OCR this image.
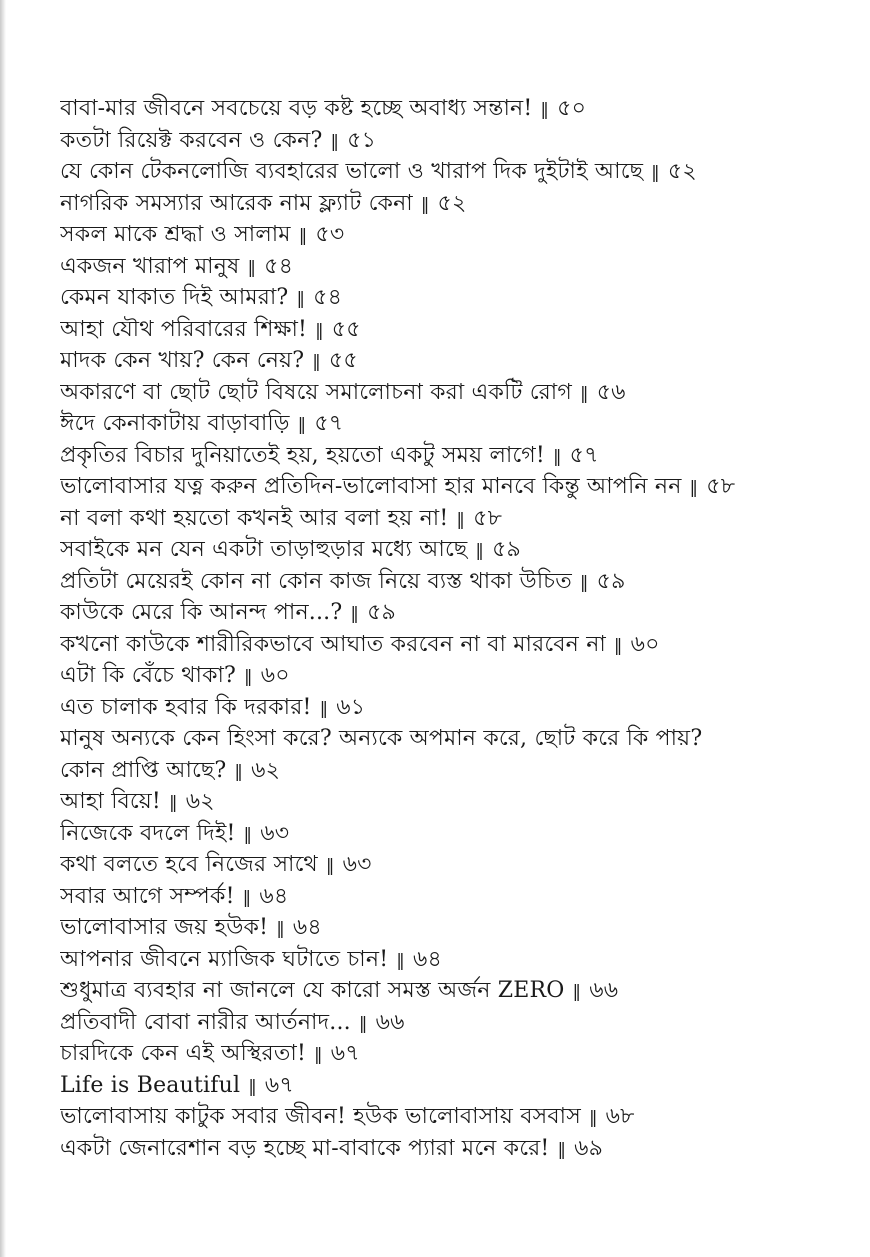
বাবা-মার জীবনে সবচেয়ে বড় কষ্ট হচ্ছে অবাধ্য সন্তান! ‖ ৫০
কতটা রিয়েক্ট করবেন ও কেন? ‖ ৫১
যে কোন টেকনলোজি ব্যবহারের ভালো ও খারাপ দিক দুইটাই আছে ‖ ৫২
নাগরিক সমস্যার আরেক নাম ফ্ল্যাট কেনা ‖ ৫২
সকল মাকে শ্রদ্ধা ও সালাম ‖ ৫৩
একজন খারাপ মানুষ ‖ ৫৪
কেমন যাকাত দিই আমরা? ‖ ৫৪
আহা যৌথ পরিবারের শিক্ষা! ‖ ৫৫
মাদক কেন খায়? কেন নেয়? ‖ ৫৫
অকারণে বা ছোট ছোট বিষয়ে সমালোচনা করা একটি রোগ ‖ ৫৬
ঈদে কেনাকাটায় বাড়াবাড়ি ‖ ৫৭
প্রকৃতির বিচার দুনিয়াতেই হয়, হয়তো একটু সময় লাগে! ‖ ৫৭
ভালোবাসার যত্ন করুন প্রতিদিন-ভালোবাসা হার মানবে কিন্তু আপনি নন ‖ ৫৮
না বলা কথা হয়তো কখনই আর বলা হয় না! ‖ ৫৮
সবাইকে মন যেন একটা তাড়াহুড়ার মধ্যে আছে ‖ ৫৯
প্রতিটা মেয়েরই কোন না কোন কাজ নিয়ে ব্যস্ত থাকা উচিত ‖ ৫৯
কাউকে মেরে কি আনন্দ পান...? ‖ ৫৯
কখনো কাউকে শারীরিকভাবে আঘাত করবেন না বা মারবেন না ‖ ৬০
এটা কি বেঁচে থাকা? ‖ ৬০
এত চালাক হবার কি দরকার! ‖ ৬১
মানুষ অন্যকে কেন হিংসা করে? অন্যকে অপমান করে, ছোট করে কি পায়?
কোন প্রাপ্তি আছে? ‖ ৬২
আহা বিয়ে! ‖ ৬২
নিজেকে বদলে দিই! ‖ ৬৩
কথা বলতে হবে নিজের সাথে ‖ ৬৩
সবার আগে সম্পর্ক! ‖ ৬৪
ভালোবাসার জয় হউক! ‖ ৬৪
আপনার জীবনে ম্যাজিক ঘটাতে চান! ‖ ৬৪
শুধুমাত্র ব্যবহার না জানলে যে কারো সমস্ত অর্জন ZERO ‖ ৬৬
প্রতিবাদী বোবা নারীর আর্তনাদ... ‖ ৬৬
চারদিকে কেন এই অস্থিরতা! ‖ ৬৭
Life is Beautiful ‖ ৬৭
ভালোবাসায় কাটুক সবার জীবন! হউক ভালোবাসায় বসবাস ‖ ৬৮
একটা জেনারেশান বড় হচ্ছে মা-বাবাকে প্যারা মনে করে! ‖ ৬৯
